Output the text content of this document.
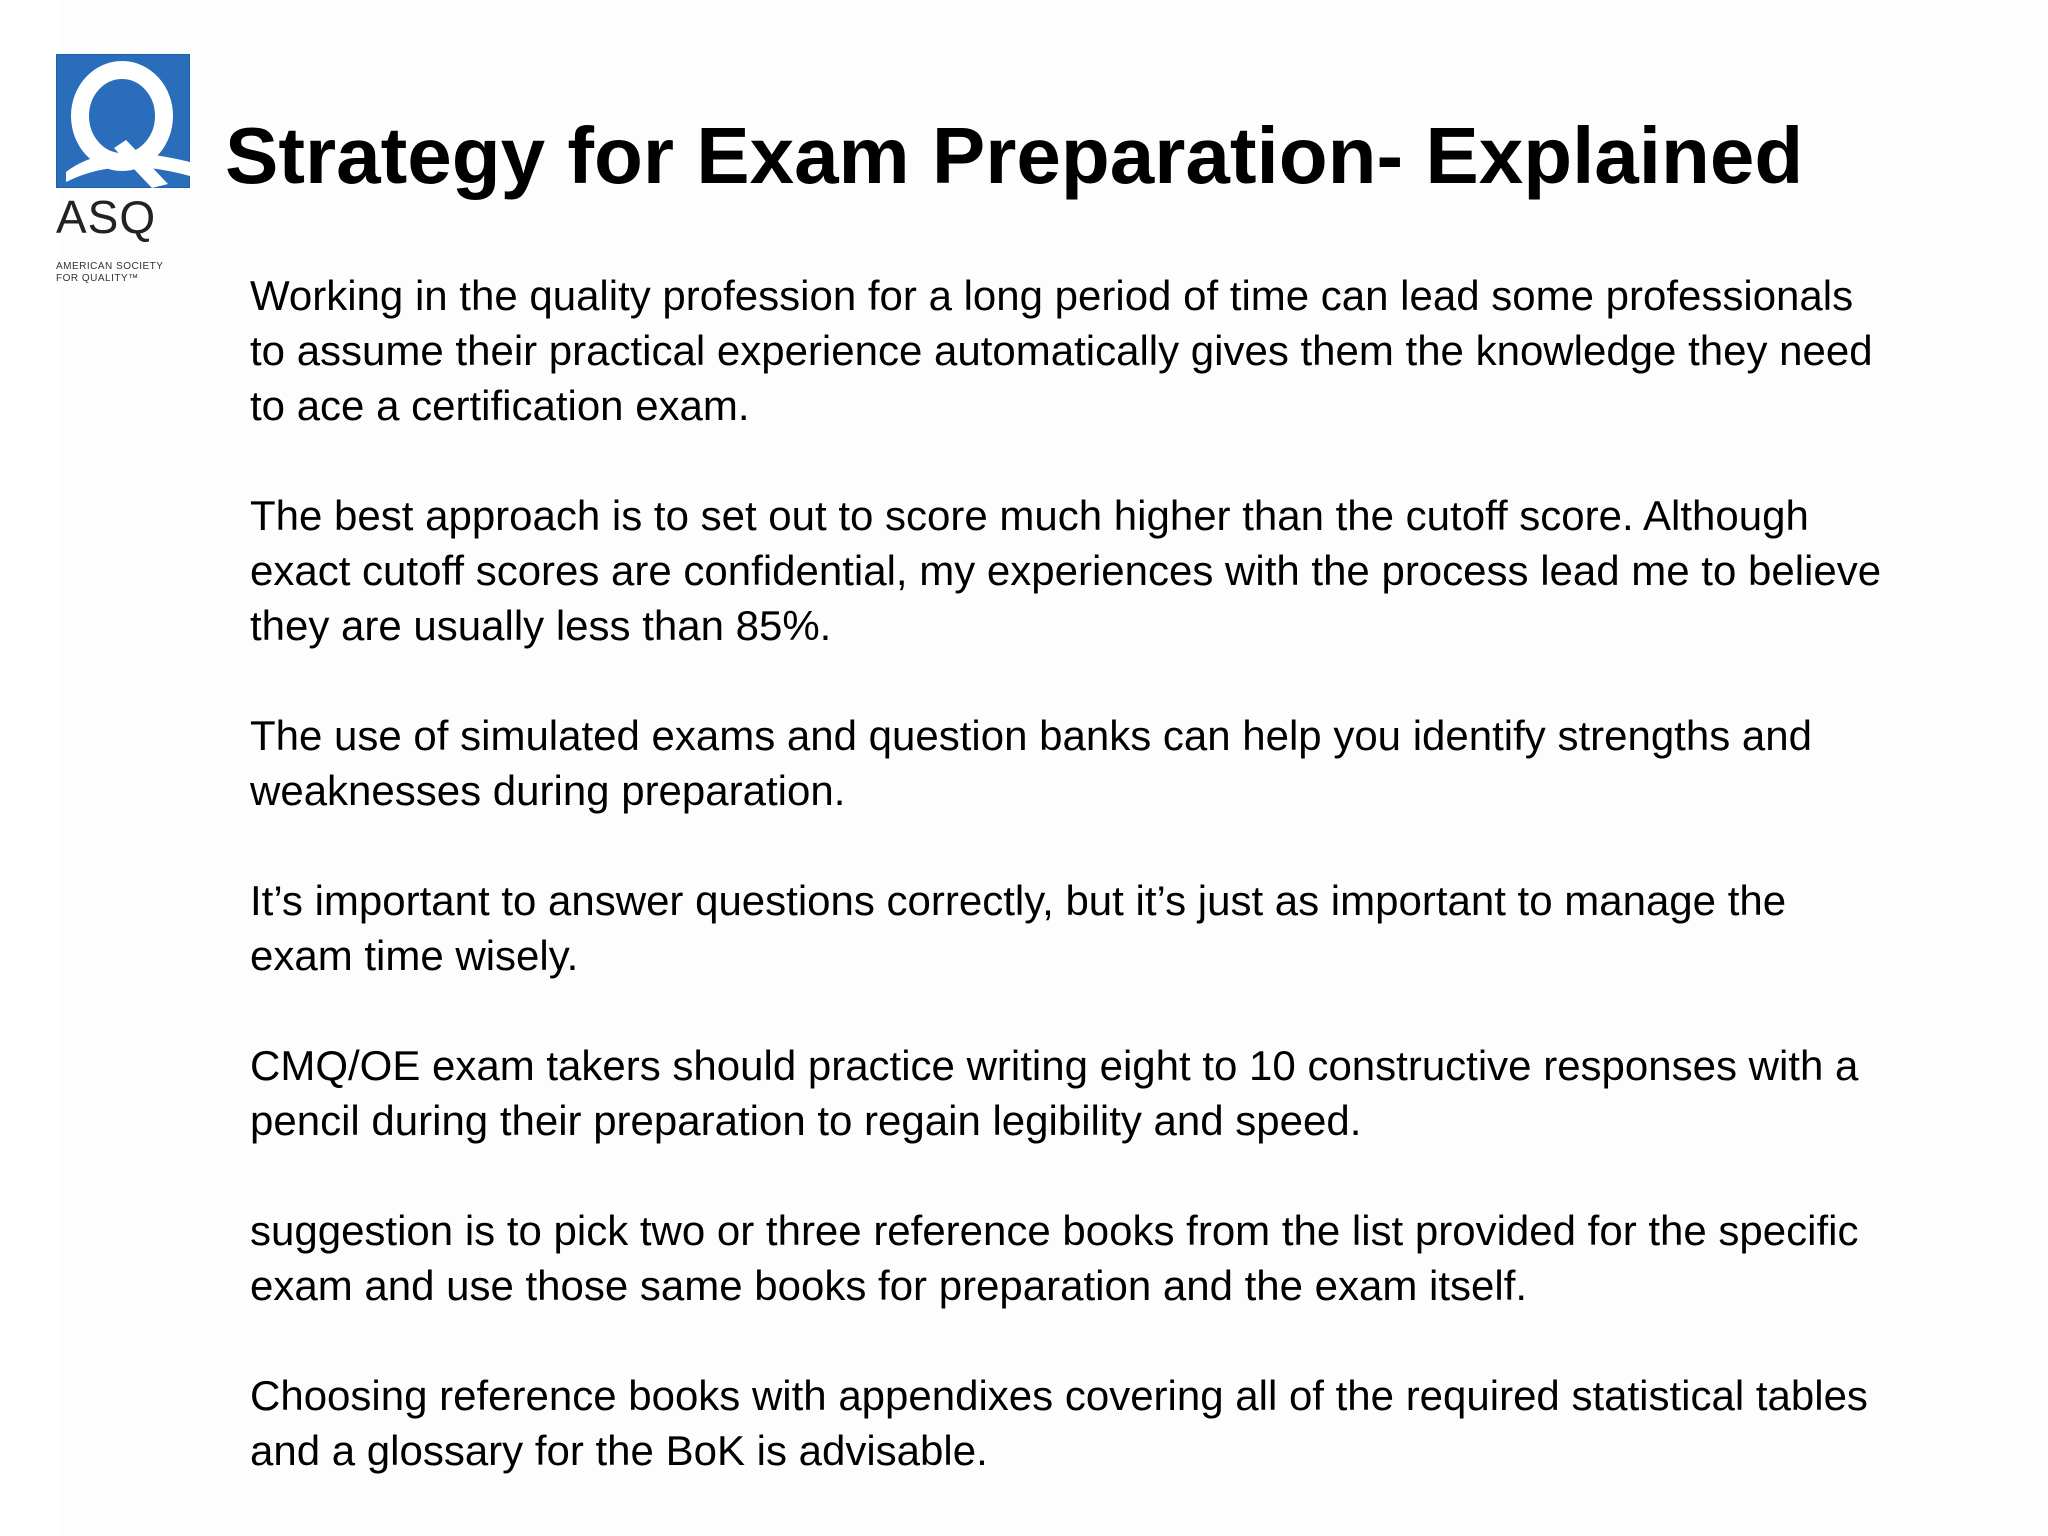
ASQ
AMERICAN SOCIETY
FOR QUALITY™
Strategy for Exam Preparation- Explained

Working in the quality profession for a long period of time can lead some professionals to assume their practical experience automatically gives them the knowledge they need to ace a certification exam.

The best approach is to set out to score much higher than the cutoff score. Although exact cutoff scores are confidential, my experiences with the process lead me to believe they are usually less than 85%.

The use of simulated exams and question banks can help you identify strengths and weaknesses during preparation.

It’s important to answer questions correctly, but it’s just as important to manage the exam time wisely.

CMQ/OE exam takers should practice writing eight to 10 constructive responses with a pencil during their preparation to regain legibility and speed.

suggestion is to pick two or three reference books from the list provided for the specific exam and use those same books for preparation and the exam itself.

Choosing reference books with appendixes covering all of the required statistical tables and a glossary for the BoK is advisable.
